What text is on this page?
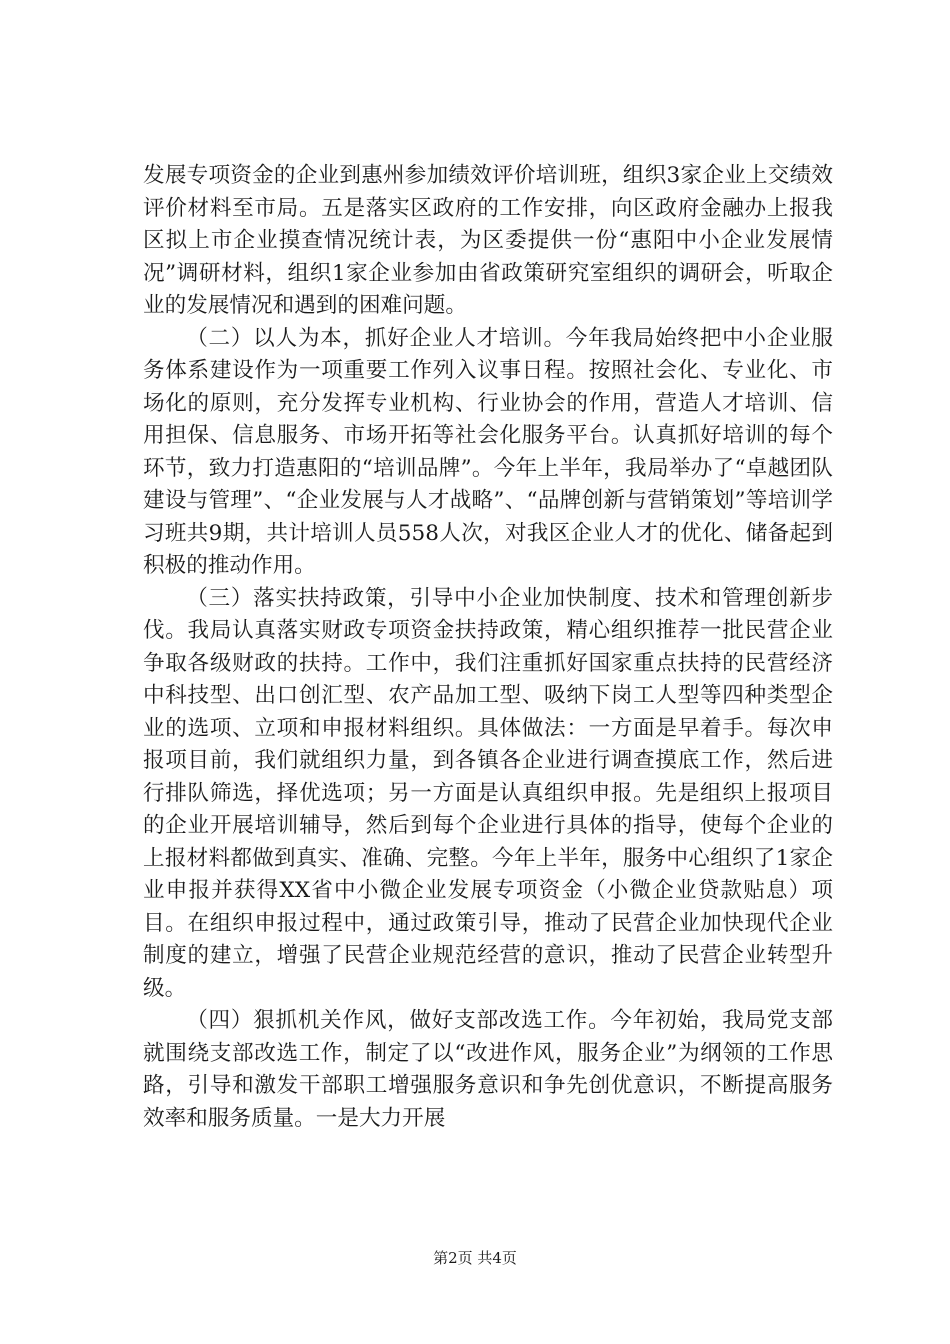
发展专项资金的企业到惠州参加绩效评价培训班，组织3家企业上交绩效评价材料至市局。五是落实区政府的工作安排，向区政府金融办上报我区拟上市企业摸查情况统计表，为区委提供一份“惠阳中小企业发展情况”调研材料，组织1家企业参加由省政策研究室组织的调研会，听取企业的发展情况和遇到的困难问题。

（二）以人为本，抓好企业人才培训。今年我局始终把中小企业服务体系建设作为一项重要工作列入议事日程。按照社会化、专业化、市场化的原则，充分发挥专业机构、行业协会的作用，营造人才培训、信用担保、信息服务、市场开拓等社会化服务平台。认真抓好培训的每个环节，致力打造惠阳的“培训品牌”。今年上半年，我局举办了“卓越团队建设与管理”、“企业发展与人才战略”、“品牌创新与营销策划”等培训学习班共9期，共计培训人员558人次，对我区企业人才的优化、储备起到积极的推动作用。

（三）落实扶持政策，引导中小企业加快制度、技术和管理创新步伐。我局认真落实财政专项资金扶持政策，精心组织推荐一批民营企业争取各级财政的扶持。工作中，我们注重抓好国家重点扶持的民营经济中科技型、出口创汇型、农产品加工型、吸纳下岗工人型等四种类型企业的选项、立项和申报材料组织。具体做法：一方面是早着手。每次申报项目前，我们就组织力量，到各镇各企业进行调查摸底工作，然后进行排队筛选，择优选项；另一方面是认真组织申报。先是组织上报项目的企业开展培训辅导，然后到每个企业进行具体的指导，使每个企业的上报材料都做到真实、准确、完整。今年上半年，服务中心组织了1家企业申报并获得XX省中小微企业发展专项资金（小微企业贷款贴息）项目。在组织申报过程中，通过政策引导，推动了民营企业加快现代企业制度的建立，增强了民营企业规范经营的意识，推动了民营企业转型升级。

（四）狠抓机关作风，做好支部改选工作。今年初始，我局党支部就围绕支部改选工作，制定了以“改进作风，服务企业”为纲领的工作思路，引导和激发干部职工增强服务意识和争先创优意识，不断提高服务效率和服务质量。一是大力开展

第2页 共4页
